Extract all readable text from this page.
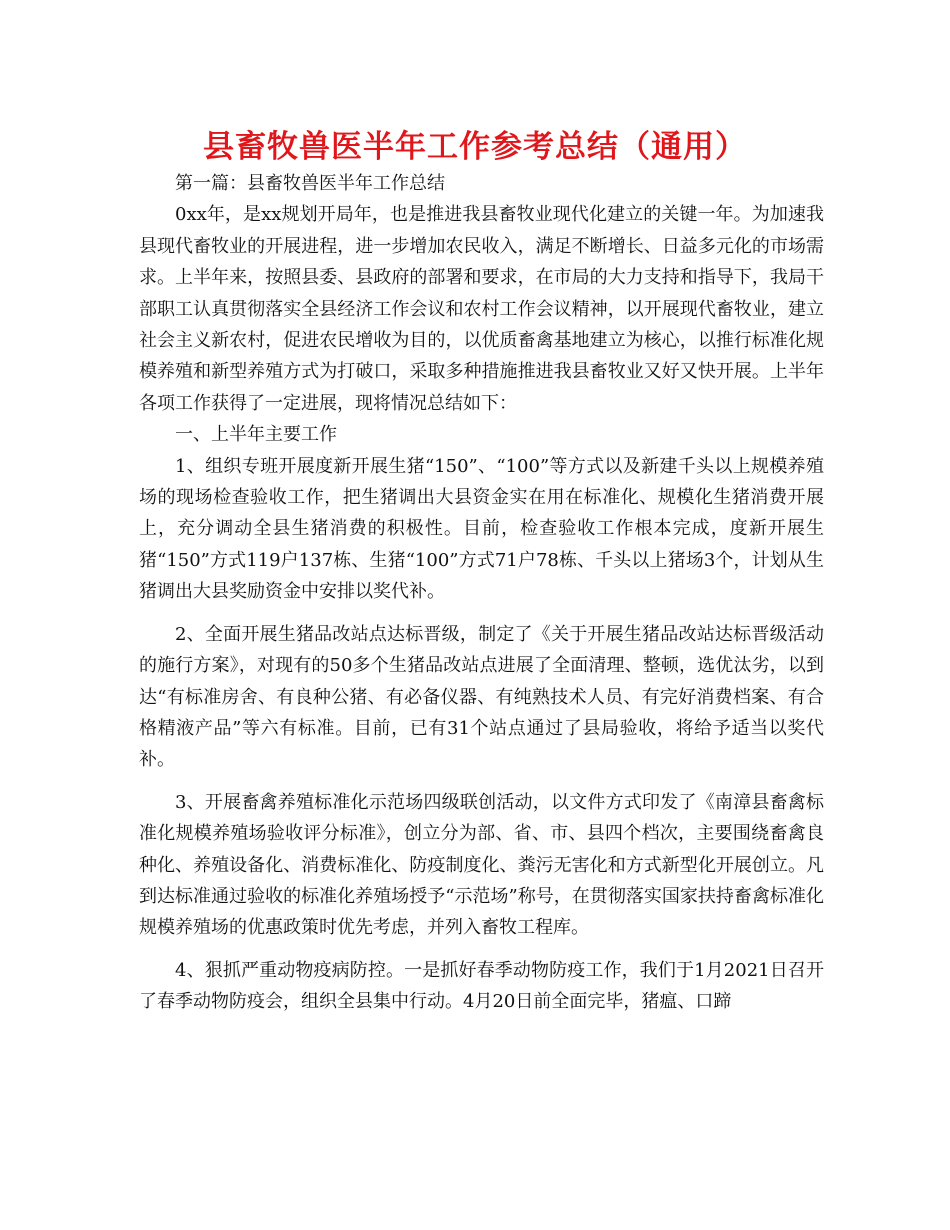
县畜牧兽医半年工作参考总结（通用）

第一篇：县畜牧兽医半年工作总结

0xx年，是xx规划开局年，也是推进我县畜牧业现代化建立的关键一年。为加速我县现代畜牧业的开展进程，进一步增加农民收入，满足不断增长、日益多元化的市场需求。上半年来，按照县委、县政府的部署和要求，在市局的大力支持和指导下，我局干部职工认真贯彻落实全县经济工作会议和农村工作会议精神，以开展现代畜牧业，建立社会主义新农村，促进农民增收为目的，以优质畜禽基地建立为核心，以推行标准化规模养殖和新型养殖方式为打破口，采取多种措施推进我县畜牧业又好又快开展。上半年各项工作获得了一定进展，现将情况总结如下：

一、上半年主要工作

1、组织专班开展度新开展生猪“150”、“100”等方式以及新建千头以上规模养殖场的现场检查验收工作，把生猪调出大县资金实在用在标准化、规模化生猪消费开展上，充分调动全县生猪消费的积极性。目前，检查验收工作根本完成，度新开展生猪“150”方式119户137栋、生猪“100”方式71户78栋、千头以上猪场3个，计划从生猪调出大县奖励资金中安排以奖代补。

2、全面开展生猪品改站点达标晋级，制定了《关于开展生猪品改站达标晋级活动的施行方案》，对现有的50多个生猪品改站点进展了全面清理、整顿，选优汰劣，以到达“有标准房舍、有良种公猪、有必备仪器、有纯熟技术人员、有完好消费档案、有合格精液产品”等六有标准。目前，已有31个站点通过了县局验收，将给予适当以奖代补。

3、开展畜禽养殖标准化示范场四级联创活动，以文件方式印发了《南漳县畜禽标准化规模养殖场验收评分标准》，创立分为部、省、市、县四个档次，主要围绕畜禽良种化、养殖设备化、消费标准化、防疫制度化、粪污无害化和方式新型化开展创立。凡到达标准通过验收的标准化养殖场授予“示范场”称号，在贯彻落实国家扶持畜禽标准化规模养殖场的优惠政策时优先考虑，并列入畜牧工程库。

4、狠抓严重动物疫病防控。一是抓好春季动物防疫工作，我们于1月2021日召开了春季动物防疫会，组织全县集中行动。4月20日前全面完毕，猪瘟、口蹄
